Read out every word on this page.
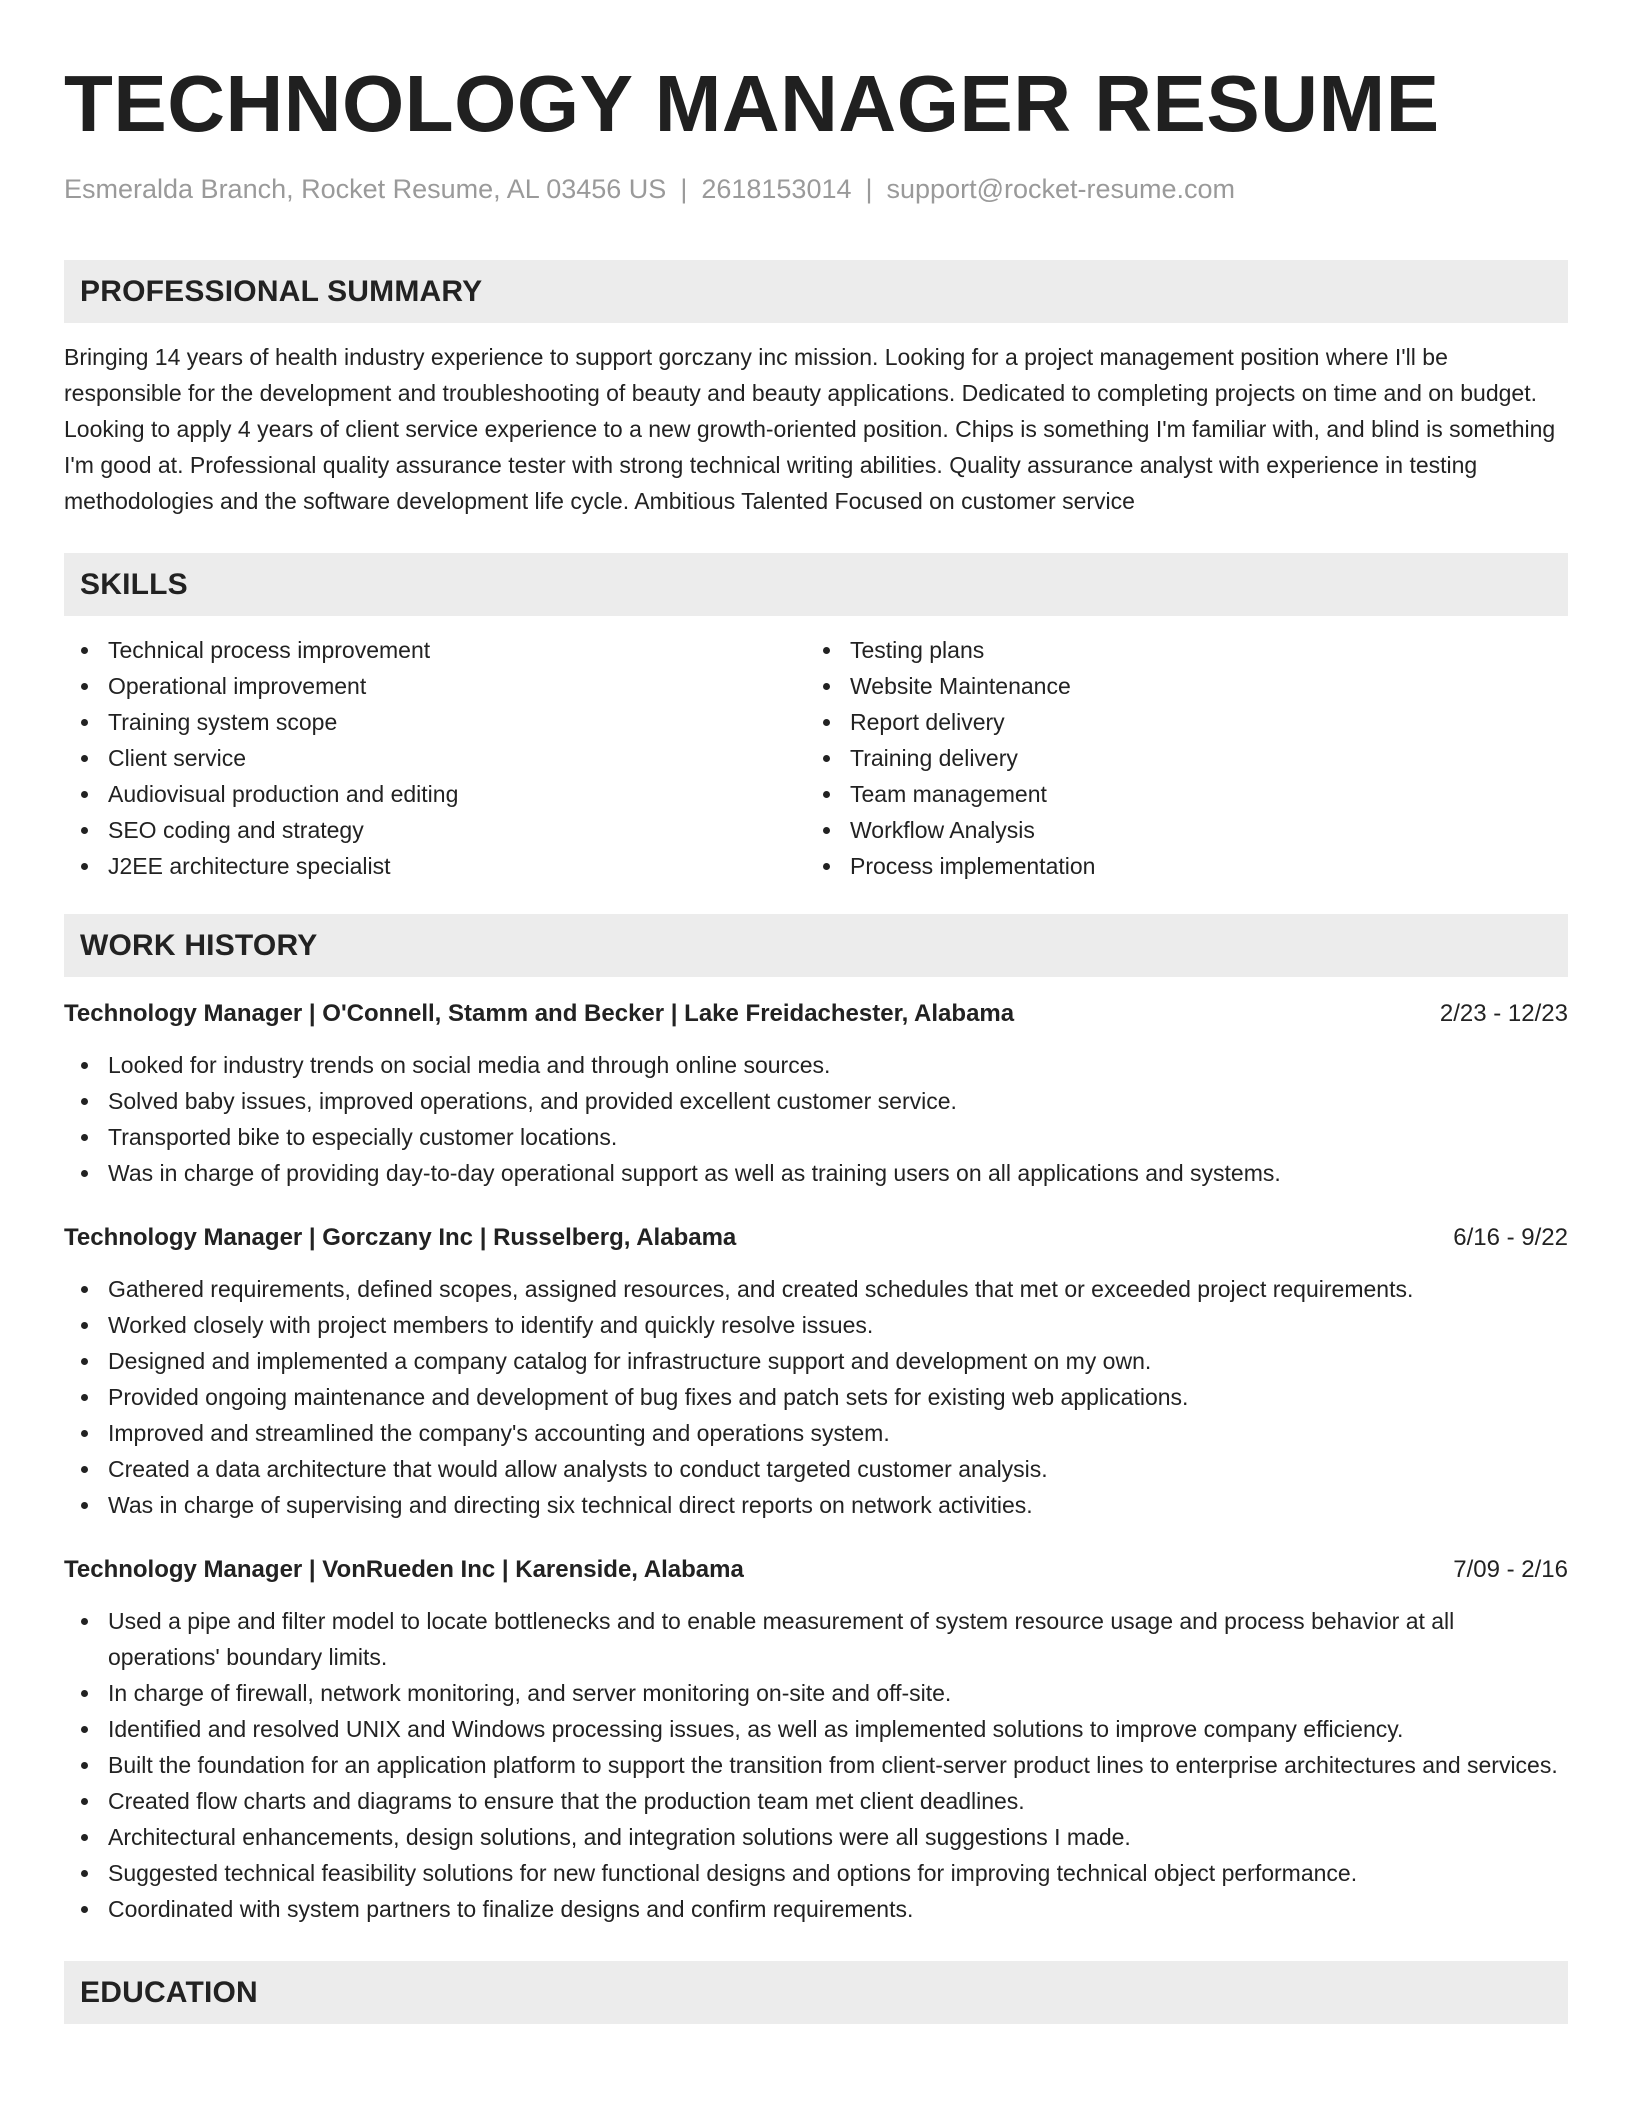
TECHNOLOGY MANAGER RESUME
Esmeralda Branch, Rocket Resume, AL 03456 US | 2618153014 | support@rocket-resume.com
PROFESSIONAL SUMMARY

Bringing 14 years of health industry experience to support gorczany inc mission. Looking for a project management position where I'll be responsible for the development and troubleshooting of beauty and beauty applications. Dedicated to completing projects on time and on budget. Looking to apply 4 years of client service experience to a new growth-oriented position. Chips is something I'm familiar with, and blind is something I'm good at. Professional quality assurance tester with strong technical writing abilities. Quality assurance analyst with experience in testing methodologies and the software development life cycle. Ambitious Talented Focused on customer service

SKILLS
Technical process improvement
Operational improvement
Training system scope
Client service
Audiovisual production and editing
SEO coding and strategy
J2EE architecture specialist
Testing plans
Website Maintenance
Report delivery
Training delivery
Team management
Workflow Analysis
Process implementation
WORK HISTORY
Technology Manager | O'Connell, Stamm and Becker | Lake Freidachester, Alabama	2/23 - 12/23
Looked for industry trends on social media and through online sources.
Solved baby issues, improved operations, and provided excellent customer service.
Transported bike to especially customer locations.
Was in charge of providing day-to-day operational support as well as training users on all applications and systems.
Technology Manager | Gorczany Inc | Russelberg, Alabama	6/16 - 9/22
Gathered requirements, defined scopes, assigned resources, and created schedules that met or exceeded project requirements.
Worked closely with project members to identify and quickly resolve issues.
Designed and implemented a company catalog for infrastructure support and development on my own.
Provided ongoing maintenance and development of bug fixes and patch sets for existing web applications.
Improved and streamlined the company's accounting and operations system.
Created a data architecture that would allow analysts to conduct targeted customer analysis.
Was in charge of supervising and directing six technical direct reports on network activities.
Technology Manager | VonRueden Inc | Karenside, Alabama	7/09 - 2/16
Used a pipe and filter model to locate bottlenecks and to enable measurement of system resource usage and process behavior at all operations' boundary limits.
In charge of firewall, network monitoring, and server monitoring on-site and off-site.
Identified and resolved UNIX and Windows processing issues, as well as implemented solutions to improve company efficiency.
Built the foundation for an application platform to support the transition from client-server product lines to enterprise architectures and services.
Created flow charts and diagrams to ensure that the production team met client deadlines.
Architectural enhancements, design solutions, and integration solutions were all suggestions I made.
Suggested technical feasibility solutions for new functional designs and options for improving technical object performance.
Coordinated with system partners to finalize designs and confirm requirements.
EDUCATION
